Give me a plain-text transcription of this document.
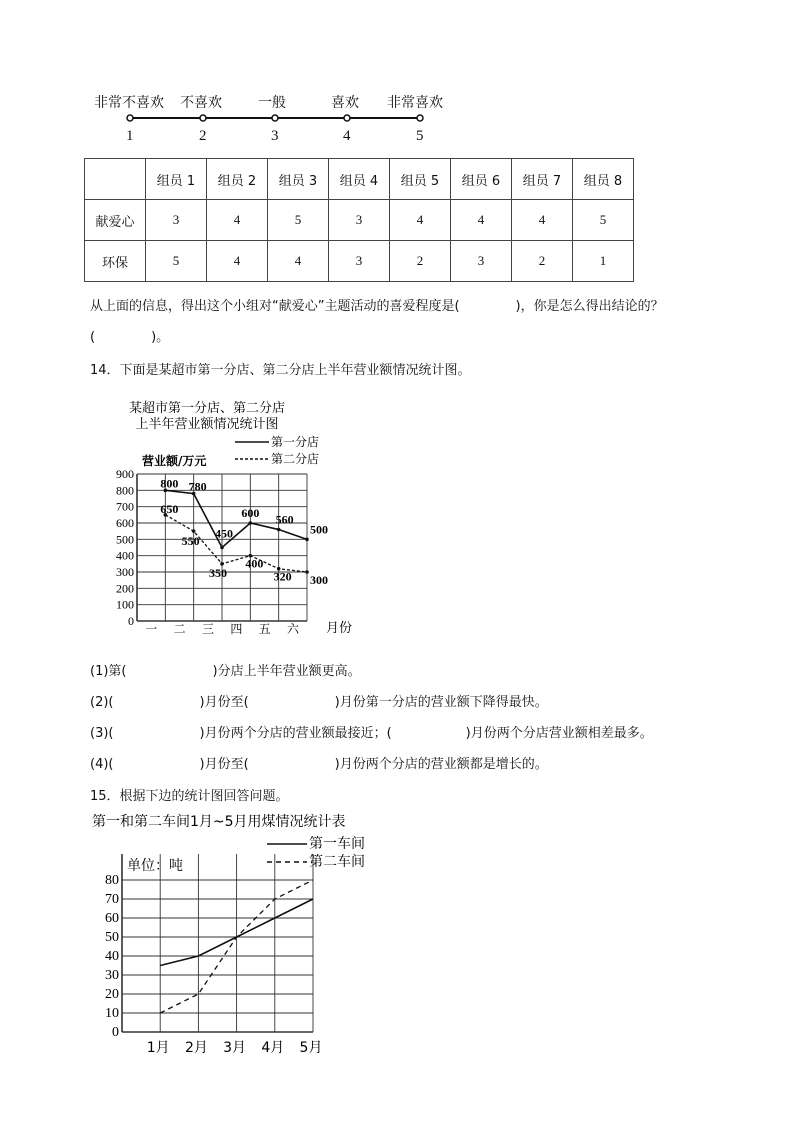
非常不喜欢 不喜欢	一般	喜欢 非常喜欢
1	2	3	4	5
	组员 1	组员 2	组员 3	组员 4	组员 5	组员 6	组员 7	组员 8
献爱心	3	4	5	3	4	4	4	5
环保	5	4	4	3	2	3	2	1
从上面的信息，得出这个小组对“献爱心”主题活动的喜爱程度是(	)，你是怎么得出结论的？
(	)。
14．下面是某超市第一分店、第二分店上半年营业额情况统计图。
某超市第一分店、第二分店
上半年营业额情况统计图
第一分店
第二分店
营业额/万元
0
100
200
300
400
500
600
700
800
900
一 二 三 四 五 六 月份
800 780
450
600 560
500
650
550
350
400
320 300
(1)第(	)分店上半年营业额更高。
(2)(	)月份至(	)月份第一分店的营业额下降得最快。
(3)(	)月份两个分店的营业额最接近；(	)月份两个分店营业额相差最多。
(4)(	)月份至(	)月份两个分店的营业额都是增长的。
15．根据下边的统计图回答问题。
第一和第二车间1月~5月用煤情况统计表
第一车间
第二车间
单位：吨
0
10
20
30
40
50
60
70
80
1月 2月 3月 4月 5月
